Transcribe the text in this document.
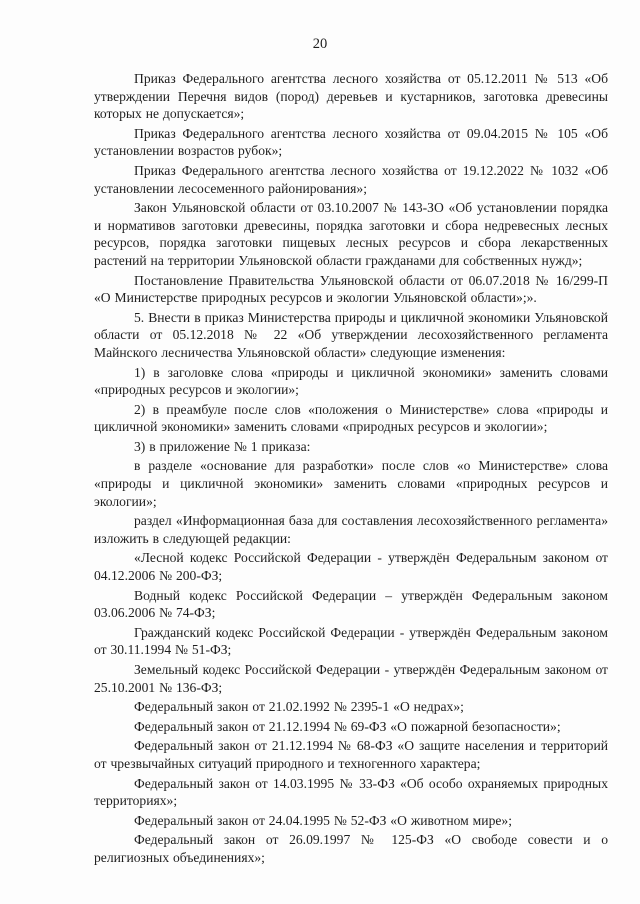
20

Приказ Федерального агентства лесного хозяйства от 05.12.2011 № 513 «Об утверждении Перечня видов (пород) деревьев и кустарников, заготовка древесины которых не допускается»;

Приказ Федерального агентства лесного хозяйства от 09.04.2015 № 105 «Об установлении возрастов рубок»;

Приказ Федерального агентства лесного хозяйства от 19.12.2022 № 1032 «Об установлении лесосеменного районирования»;

Закон Ульяновской области от 03.10.2007 № 143-ЗО «Об установлении порядка и нормативов заготовки древесины, порядка заготовки и сбора недревесных лесных ресурсов, порядка заготовки пищевых лесных ресурсов и сбора лекарственных растений на территории Ульяновской области гражданами для собственных нужд»;

Постановление Правительства Ульяновской области от 06.07.2018 № 16/299-П «О Министерстве природных ресурсов и экологии Ульяновской области»;».

5. Внести в приказ Министерства природы и цикличной экономики Ульяновской области от 05.12.2018 № 22 «Об утверждении лесохозяйственного регламента Майнского лесничества Ульяновской области» следующие изменения:

1) в заголовке слова «природы и цикличной экономики» заменить словами «природных ресурсов и экологии»;

2) в преамбуле после слов «положения о Министерстве» слова «природы и цикличной экономики» заменить словами «природных ресурсов и экологии»;

3) в приложение № 1 приказа:

в разделе «основание для разработки» после слов «о Министерстве» слова «природы и цикличной экономики» заменить словами «природных ресурсов и экологии»;

раздел «Информационная база для составления лесохозяйственного регламента» изложить в следующей редакции:

«Лесной кодекс Российской Федерации - утверждён Федеральным законом от 04.12.2006 № 200-ФЗ;

Водный кодекс Российской Федерации – утверждён Федеральным законом 03.06.2006 № 74-ФЗ;

Гражданский кодекс Российской Федерации - утверждён Федеральным законом от 30.11.1994 № 51-ФЗ;

Земельный кодекс Российской Федерации - утверждён Федеральным законом от 25.10.2001 № 136-ФЗ;

Федеральный закон от 21.02.1992 № 2395-1 «О недрах»;

Федеральный закон от 21.12.1994 № 69-ФЗ «О пожарной безопасности»;

Федеральный закон от 21.12.1994 № 68-ФЗ «О защите населения и территорий от чрезвычайных ситуаций природного и техногенного характера;

Федеральный закон от 14.03.1995 № 33-ФЗ «Об особо охраняемых природных территориях»;

Федеральный закон от 24.04.1995 № 52-ФЗ «О животном мире»;

Федеральный закон от 26.09.1997 № 125-ФЗ «О свободе совести и о религиозных объединениях»;
